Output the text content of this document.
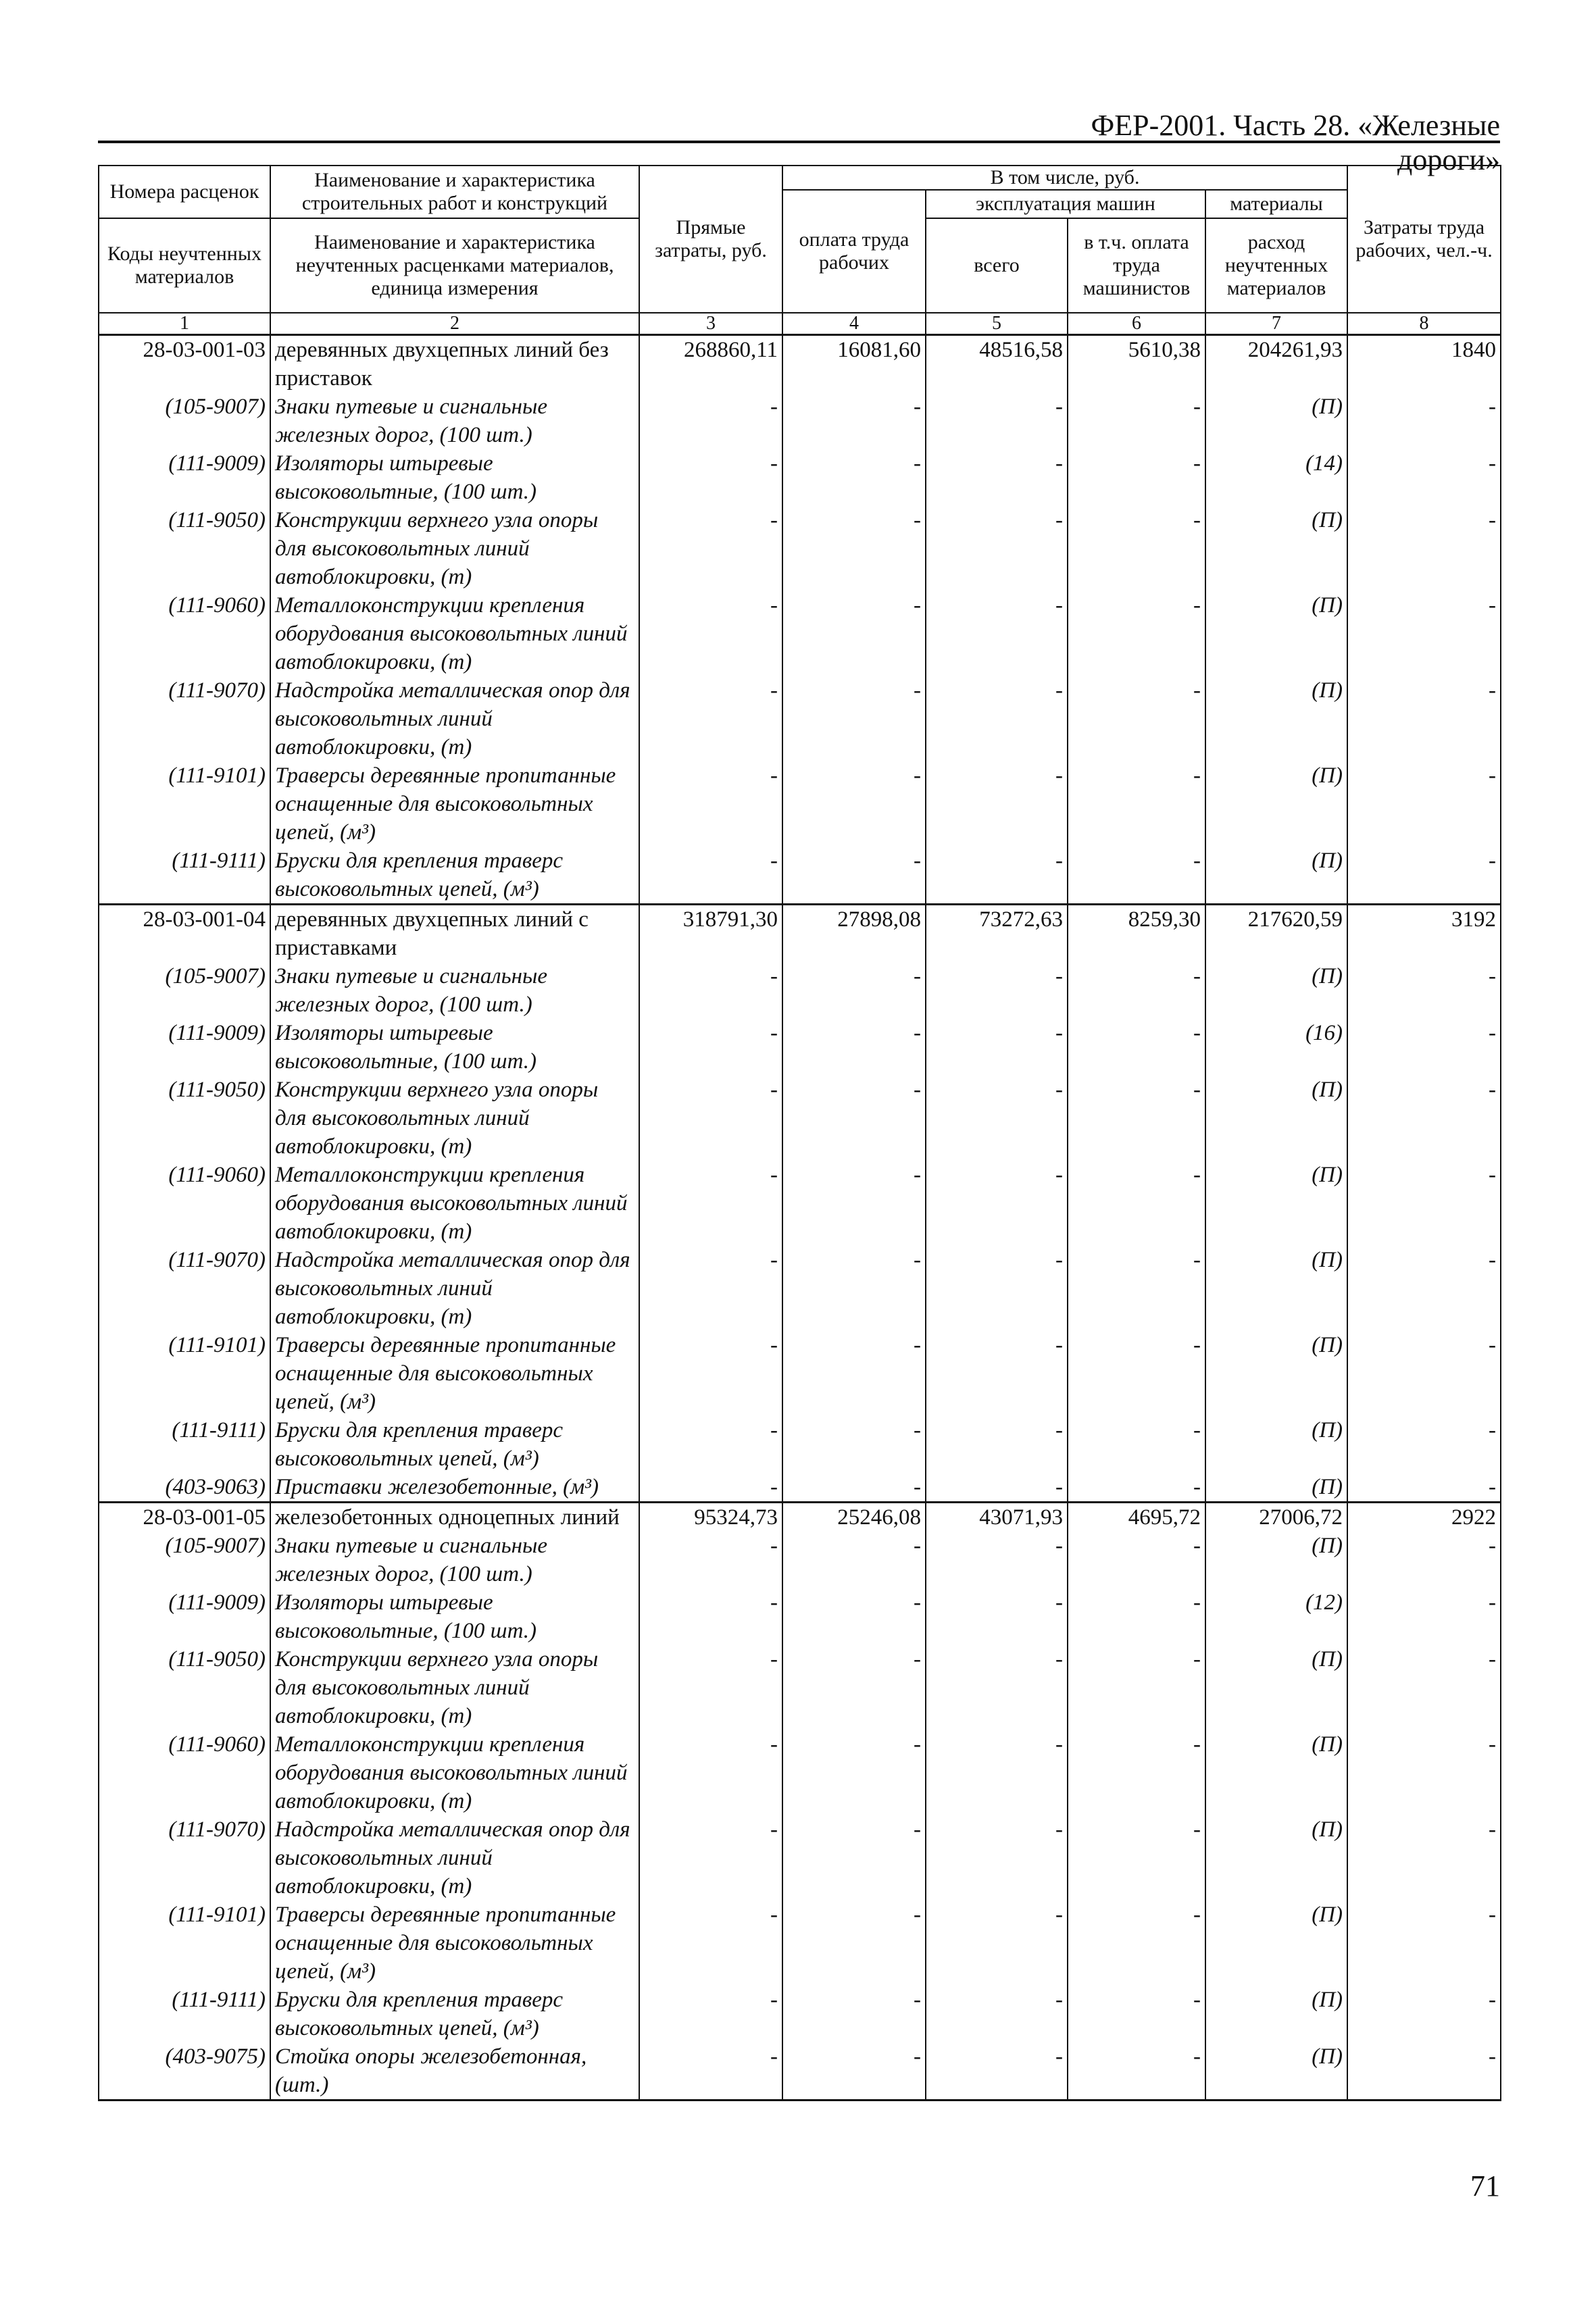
ФЕР-2001. Часть 28. «Железные дороги»
Номера расценок	Наименование и характеристика строительных работ и конструкций	Прямые затраты, руб.	В том числе, руб.				Затраты труда рабочих, чел.-ч.
			оплата труда рабочих	эксплуатация машин		материалы	
Коды неучтенных материалов	Наименование и характеристика неучтенных расценками материалов, единица измерения			всего	в т.ч. оплата труда машинистов	расход неучтенных материалов	

1	2	3	4	5	6	7	8
28-03-001-03	деревянных двухцепных линий без приставок	268860,11	16081,60	48516,58	5610,38	204261,93	1840
(105-9007)	Знаки путевые и сигнальные железных дорог, (100 шт.)	-	-	-	-	(П)	-
(111-9009)	Изоляторы штыревые высоковольтные, (100 шт.)	-	-	-	-	(14)	-
(111-9050)	Конструкции верхнего узла опоры для высоковольтных линий автоблокировки, (т)	-	-	-	-	(П)	-
(111-9060)	Металлоконструкции крепления оборудования высоковольтных линий автоблокировки, (т)	-	-	-	-	(П)	-
(111-9070)	Надстройка металлическая опор для высоковольтных линий автоблокировки, (т)	-	-	-	-	(П)	-
(111-9101)	Траверсы деревянные пропитанные оснащенные для высоковольтных цепей, (м³)	-	-	-	-	(П)	-
(111-9111)	Бруски для крепления траверс высоковольтных цепей, (м³)	-	-	-	-	(П)	-
28-03-001-04	деревянных двухцепных линий с приставками	318791,30	27898,08	73272,63	8259,30	217620,59	3192
(105-9007)	Знаки путевые и сигнальные железных дорог, (100 шт.)	-	-	-	-	(П)	-
(111-9009)	Изоляторы штыревые высоковольтные, (100 шт.)	-	-	-	-	(16)	-
(111-9050)	Конструкции верхнего узла опоры для высоковольтных линий автоблокировки, (т)	-	-	-	-	(П)	-
(111-9060)	Металлоконструкции крепления оборудования высоковольтных линий автоблокировки, (т)	-	-	-	-	(П)	-
(111-9070)	Надстройка металлическая опор для высоковольтных линий автоблокировки, (т)	-	-	-	-	(П)	-
(111-9101)	Траверсы деревянные пропитанные оснащенные для высоковольтных цепей, (м³)	-	-	-	-	(П)	-
(111-9111)	Бруски для крепления траверс высоковольтных цепей, (м³)	-	-	-	-	(П)	-
(403-9063)	Приставки железобетонные, (м³)	-	-	-	-	(П)	-
28-03-001-05	железобетонных одноцепных линий	95324,73	25246,08	43071,93	4695,72	27006,72	2922
(105-9007)	Знаки путевые и сигнальные железных дорог, (100 шт.)	-	-	-	-	(П)	-
(111-9009)	Изоляторы штыревые высоковольтные, (100 шт.)	-	-	-	-	(12)	-
(111-9050)	Конструкции верхнего узла опоры для высоковольтных линий автоблокировки, (т)	-	-	-	-	(П)	-
(111-9060)	Металлоконструкции крепления оборудования высоковольтных линий автоблокировки, (т)	-	-	-	-	(П)	-
(111-9070)	Надстройка металлическая опор для высоковольтных линий автоблокировки, (т)	-	-	-	-	(П)	-
(111-9101)	Траверсы деревянные пропитанные оснащенные для высоковольтных цепей, (м³)	-	-	-	-	(П)	-
(111-9111)	Бруски для крепления траверс высоковольтных цепей, (м³)	-	-	-	-	(П)	-
(403-9075)	Стойка опоры железобетонная, (шт.)	-	-	-	-	(П)	-
71
